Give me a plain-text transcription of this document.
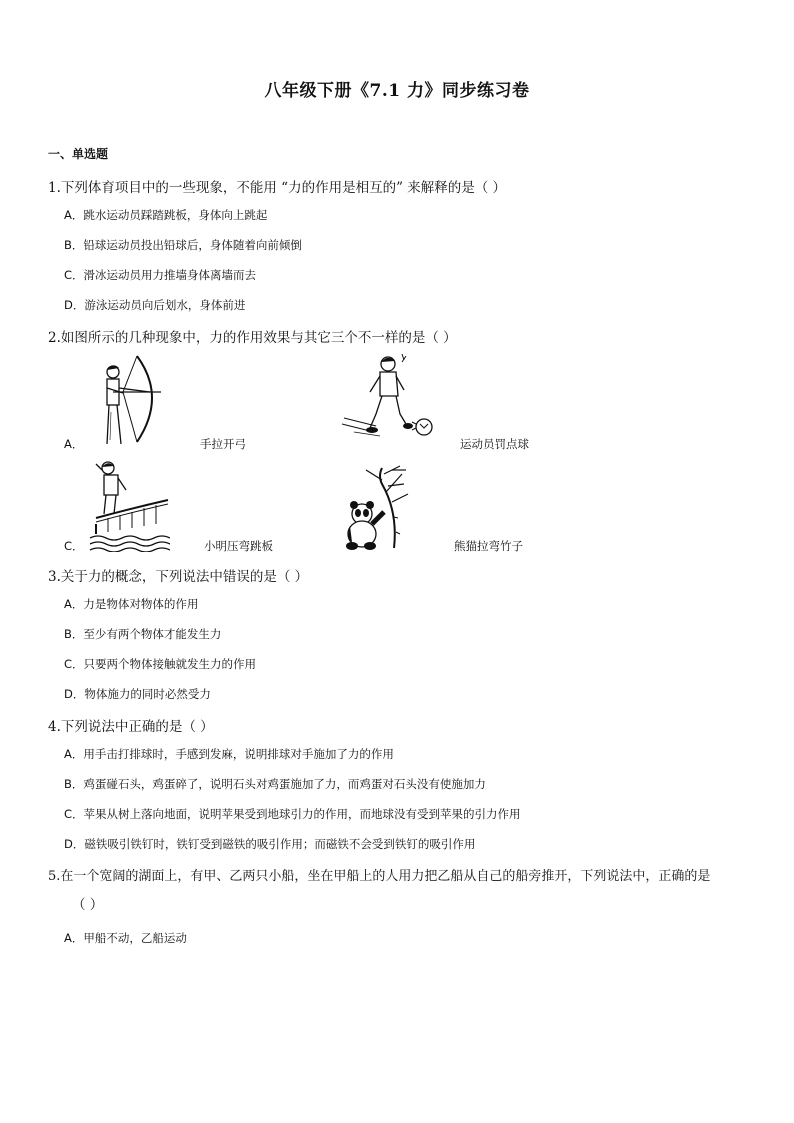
八年级下册《7.1 力》同步练习卷
一、单选题
1.下列体育项目中的一些现象，不能用 “力的作用是相互的” 来解释的是（ ）
A．跳水运动员踩踏跳板，身体向上跳起
B．铅球运动员投出铅球后，身体随着向前倾倒
C．滑冰运动员用力推墙身体离墙而去
D．游泳运动员向后划水，身体前进
2.如图所示的几种现象中，力的作用效果与其它三个不一样的是（ ）
A．	手拉开弓	运动员罚点球
C．	小明压弯跳板	熊猫拉弯竹子
3.关于力的概念，下列说法中错误的是（ ）
A．力是物体对物体的作用
B．至少有两个物体才能发生力
C．只要两个物体接触就发生力的作用
D．物体施力的同时必然受力
4.下列说法中正确的是（ ）
A．用手击打排球时，手感到发麻，说明排球对手施加了力的作用
B．鸡蛋碰石头，鸡蛋碎了，说明石头对鸡蛋施加了力，而鸡蛋对石头没有使施加力
C．苹果从树上落向地面，说明苹果受到地球引力的作用，而地球没有受到苹果的引力作用
D．磁铁吸引铁钉时，铁钉受到磁铁的吸引作用；而磁铁不会受到铁钉的吸引作用
5.在一个宽阔的湖面上，有甲、乙两只小船，坐在甲船上的人用力把乙船从自己的船旁推开，下列说法中，正确的是
（ ）
A．甲船不动，乙船运动
